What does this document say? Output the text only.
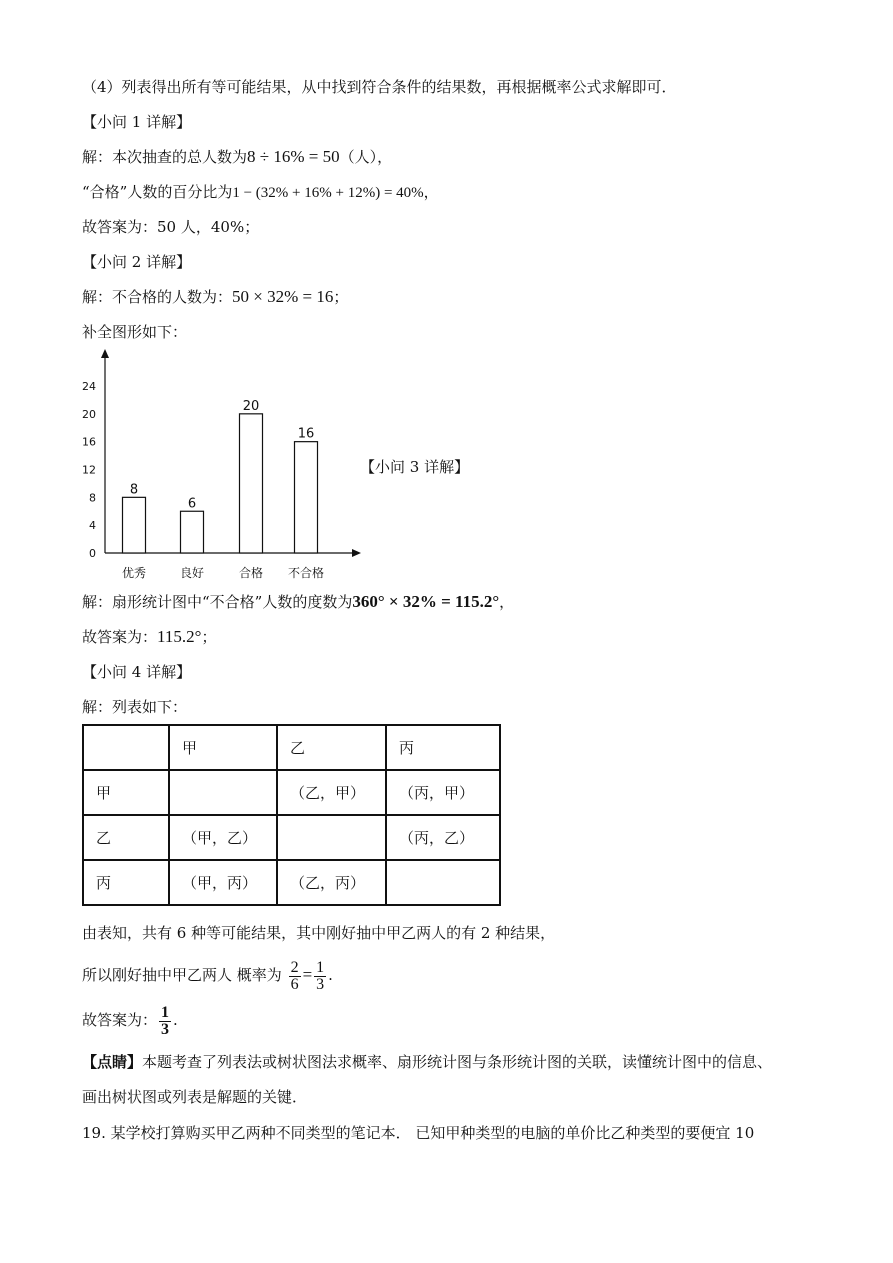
（4）列表得出所有等可能结果，从中找到符合条件的结果数，再根据概率公式求解即可．
【小问 1 详解】
解：本次抽查的总人数为8 ÷ 16% = 50（人），
“合格”人数的百分比为1 − (32% + 16% + 12%) = 40%，
故答案为：50 人，40%；
【小问 2 详解】
解：不合格的人数为：50 × 32% = 16；
补全图形如下：
0
4
8
12
16
20
24
8
6
20
16
优秀	良好	合格 不合格
【小问 3 详解】
解：扇形统计图中“不合格”人数的度数为360° × 32% = 115.2°，
故答案为：115.2°；
【小问 4 详解】
解：列表如下：
	甲	乙	丙
甲		（乙，甲）	（丙，甲）
乙	（甲，乙）		（丙，乙）
丙	（甲，丙）	（乙，丙）	
由表知，共有 6 种等可能结果，其中刚好抽中甲乙两人的有 2 种结果，
所以刚好抽中甲乙两人 概率为 $\frac{2}{6} = \frac{1}{3}$ .
故答案为： $\frac{1}{3}$ .
【点睛】本题考查了列表法或树状图法求概率、扇形统计图与条形统计图的关联，读懂统计图中的信息、
画出树状图或列表是解题的关键．
19. 某学校打算购买甲乙两种不同类型的笔记本． 已知甲种类型的电脑的单价比乙种类型的要便宜 10
